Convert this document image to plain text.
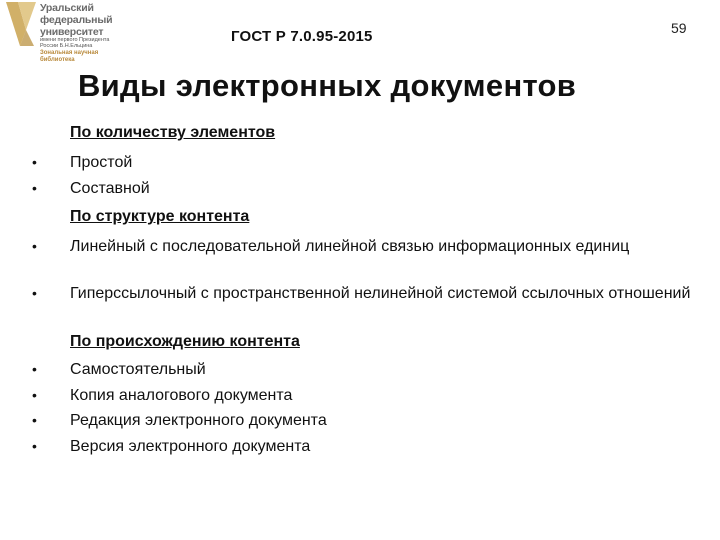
Уральский
федеральный
университет
имени первого Президента
России Б.Н.Ельцина
Зональная научная
библиотека
ГОСТ Р 7.0.95-2015	59
Виды электронных документов
По количеству элементов
• Простой
• Составной
По структуре контента
• Линейный с последовательной линейной связью информационных единиц
• Гиперссылочный с пространственной нелинейной системой ссылочных отношений
По происхождению контента
• Самостоятельный
• Копия аналогового документа
• Редакция электронного документа
• Версия электронного документа
